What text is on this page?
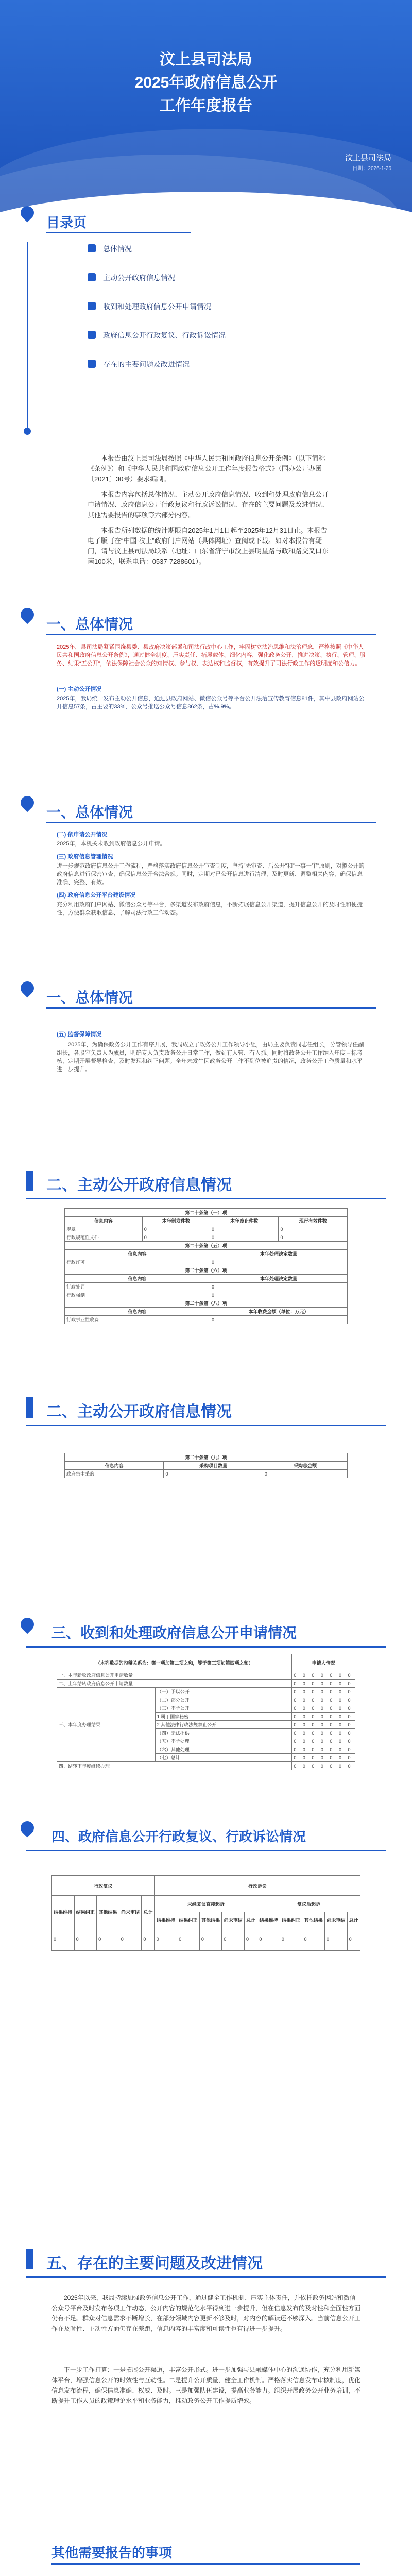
汶上县司法局
2025年政府信息公开
工作年度报告
汶上县司法局
日期：2026-1-26
目录页
总体情况
主动公开政府信息情况
收到和处理政府信息公开申请情况
政府信息公开行政复议、行政诉讼情况
存在的主要问题及改进情况
本报告由汶上县司法局按照《中华人民共和国政府信息公开条例》（以下简称《条例》）和《中华人民共和国政府信息公开工作年度报告格式》（国办公开办函〔2021〕30号）要求编制。
本报告内容包括总体情况、主动公开政府信息情况、收到和处理政府信息公开申请情况、政府信息公开行政复议和行政诉讼情况、存在的主要问题及改进情况、其他需要报告的事项等六部分内容。
本报告所列数据的统计期限自2025年1月1日起至2025年12月31日止。本报告电子版可在“中国·汶上”政府门户网站（具体网址）查阅或下载。如对本报告有疑问，请与汶上县司法局联系（地址：山东省济宁市汶上县明星路与政和路交叉口东南100米，联系电话：0537-7288601）。
一、总体情况
2025年，县司法局紧紧围绕县委、县政府决策部署和司法行政中心工作，牢固树立法治思维和法治理念，严格按照《中华人民共和国政府信息公开条例》，通过健全制度、压实责任、拓展载体、细化内容，强化政务公开，推进决策、执行、管理、服务、结果“五公开”，依法保障社会公众的知情权、参与权、表达权和监督权，有效提升了司法行政工作的透明度和公信力。
(一) 主动公开情况
2025年，我局统一发布主动公开信息，通过县政府网站、微信公众号等平台公开法治宣传教育信息81件，其中县政府网站公开信息57条，占主要的33%，公众号推送公众号信息862条，占%.9%。
一、总体情况
(二) 依申请公开情况
2025年，本机关未收到政府信息公开申请。
(三) 政府信息管理情况
进一步规范政府信息公开工作流程，严格落实政府信息公开审查制度，坚持“先审查、后公开”和“一事一审”原则，对拟公开的政府信息进行保密审查，确保信息公开合法合规。同时，定期对已公开信息进行清理，及时更新、调整相关内容，确保信息准确、完整、有效。
(四) 政府信息公开平台建设情况
充分利用政府门户网站、微信公众号等平台，多渠道发布政府信息，不断拓展信息公开渠道，提升信息公开的及时性和便捷性，方便群众获取信息、了解司法行政工作动态。
一、总体情况
(五) 监督保障情况
2025年，为确保政务公开工作有序开展，我局成立了政务公开工作领导小组，由局主要负责同志任组长，分管领导任副组长，各股室负责人为成员，明确专人负责政务公开日常工作，做到有人管、有人抓。同时将政务公开工作纳入年度目标考核，定期开展督导检查，及时发现和纠正问题。全年未发生因政务公开工作不到位被追责的情况，政务公开工作质量和水平进一步提升。
二、主动公开政府信息情况
第二十条第（一）项			
信息内容	本年制发件数	本年废止件数	现行有效件数
规章	0	0	0
行政规范性文件	0	0	0
第二十条第（五）项			
信息内容		本年处理决定数量	
行政许可		0	
第二十条第（六）项			
信息内容		本年处理决定数量	
行政处罚		0	
行政强制		0	
第二十条第（八）项			
信息内容		本年收费金额（单位：万元）	
行政事业性收费		0	
二、主动公开政府信息情况
第二十条第（九）项		
信息内容	采购项目数量	采购总金额
政府集中采购	0	0
三、收到和处理政府信息公开申请情况
（本列数据的勾稽关系为：第一项加第二项之和，等于第三项加第四项之和）		申请人情况						
一、本年新收政府信息公开申请数量		0	0	0	0	0	0	0
二、上年结转政府信息公开申请数量		0	0	0	0	0	0	0
三、本年度办理结果	（一）予以公开	0	0	0	0	0	0	0
	（二）部分公开	0	0	0	0	0	0	0
	（三）不予公开	0	0	0	0	0	0	0
	1.属于国家秘密	0	0	0	0	0	0	0
	2.其他法律行政法规禁止公开	0	0	0	0	0	0	0
	（四）无法提供	0	0	0	0	0	0	0
	（五）不予处理	0	0	0	0	0	0	0
	（六）其他处理	0	0	0	0	0	0	0
	（七）总计	0	0	0	0	0	0	0
四、结转下年度继续办理		0	0	0	0	0	0	0
四、政府信息公开行政复议、行政诉讼情况
行政复议					行政诉讼									
结果维持	结果纠正	其他结果	尚未审结	总计	未经复议直接起诉					复议后起诉				
					结果维持	结果纠正	其他结果	尚未审结	总计	结果维持	结果纠正	其他结果	尚未审结	总计
0	0	0	0	0	0	0	0	0	0	0	0	0	0	0
五、存在的主要问题及改进情况
2025年以来，我局持续加强政务信息公开工作，通过健全工作机制、压实主体责任，并依托政务网站和微信公众号平台及时发布各项工作动态，公开内容的规范化水平得到进一步提升，但在信息发布的及时性和全面性方面仍有不足。群众对信息需求不断增长，在部分领域内容更新不够及时，对内容的解读还不够深入。当前信息公开工作在及时性、主动性方面仍存在差距，信息内容的丰富度和可读性也有待进一步提升。
下一步工作打算：一是拓展公开渠道，丰富公开形式。进一步加强与县融媒体中心的沟通协作，充分利用新媒体平台，增强信息公开的时效性与互动性。二是提升公开质量，健全工作机制。严格落实信息发布审核制度，优化信息发布流程，确保信息准确、权威、及时。三是加强队伍建设，提高业务能力。组织开展政务公开业务培训，不断提升工作人员的政策理论水平和业务能力，推动政务公开工作提质增效。
其他需要报告的事项
